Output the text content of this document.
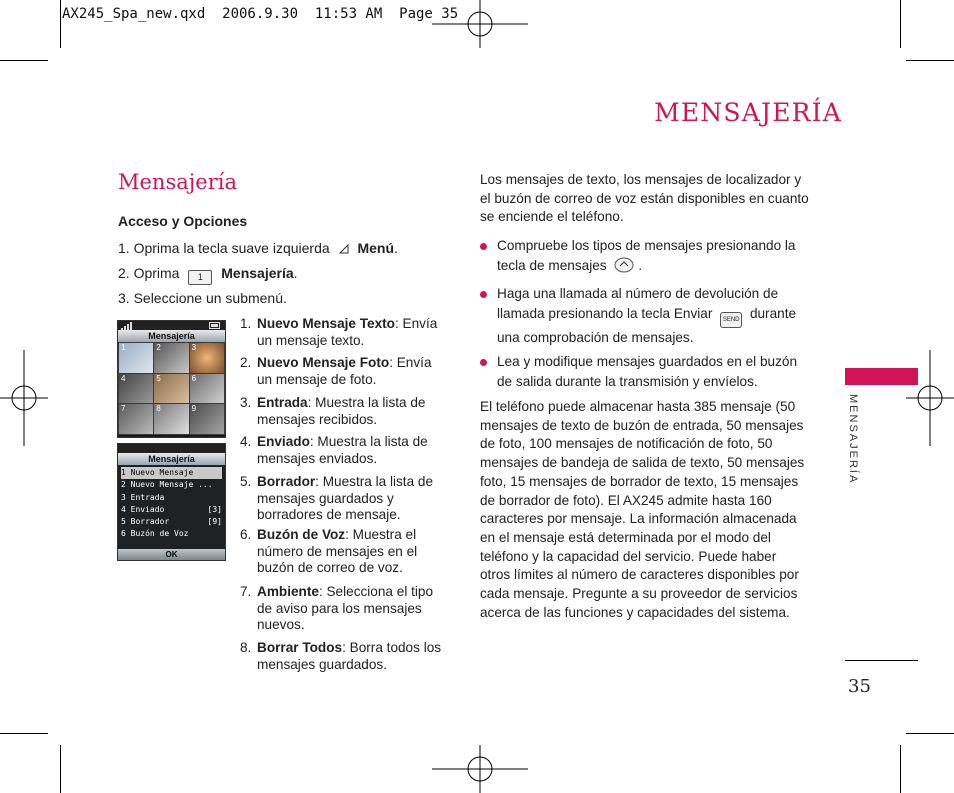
AX245_Spa_new.qxd  2006.9.30  11:53 AM  Page 35
MENSAJERÍA
Mensajería
Acceso y Opciones
1. Oprima la tecla suave izquierda Menú.
2. Oprima 1 Mensajería.
3. Seleccione un submenú.
Mensajería
1	2	3
4	5	6
7	8	9
Mensajería
1 Nuevo Mensaje
2 Nuevo Mensaje ...
3 Entrada
4 Enviado	[3]
5 Borrador	[9]
6 Buzón de Voz
OK
1. Nuevo Mensaje Texto: Envía un mensaje texto.
2. Nuevo Mensaje Foto: Envía un mensaje de foto.
3. Entrada: Muestra la lista de mensajes recibidos.
4. Enviado: Muestra la lista de mensajes enviados.
5. Borrador: Muestra la lista de mensajes guardados y borradores de mensaje.
6. Buzón de Voz: Muestra el número de mensajes en el buzón de correo de voz.
7. Ambiente: Selecciona el tipo de aviso para los mensajes nuevos.
8. Borrar Todos: Borra todos los mensajes guardados.
Los mensajes de texto, los mensajes de localizador y el buzón de correo de voz están disponibles en cuanto se enciende el teléfono.
Compruebe los tipos de mensajes presionando la tecla de mensajes .
Haga una llamada al número de devolución de llamada presionando la tecla Enviar SEND durante una comprobación de mensajes.
Lea y modifique mensajes guardados en el buzón de salida durante la transmisión y envíelos.
El teléfono puede almacenar hasta 385 mensaje (50 mensajes de texto de buzón de entrada, 50 mensajes de foto, 100 mensajes de notificación de foto, 50 mensajes de bandeja de salida de texto, 50 mensajes foto, 15 mensajes de borrador de texto, 15 mensajes de borrador de foto). El AX245 admite hasta 160 caracteres por mensaje. La información almacenada en el mensaje está determinada por el modo del teléfono y la capacidad del servicio. Puede haber otros límites al número de caracteres disponibles por cada mensaje. Pregunte a su proveedor de servicios acerca de las funciones y capacidades del sistema.
MENSAJERÍA
35
